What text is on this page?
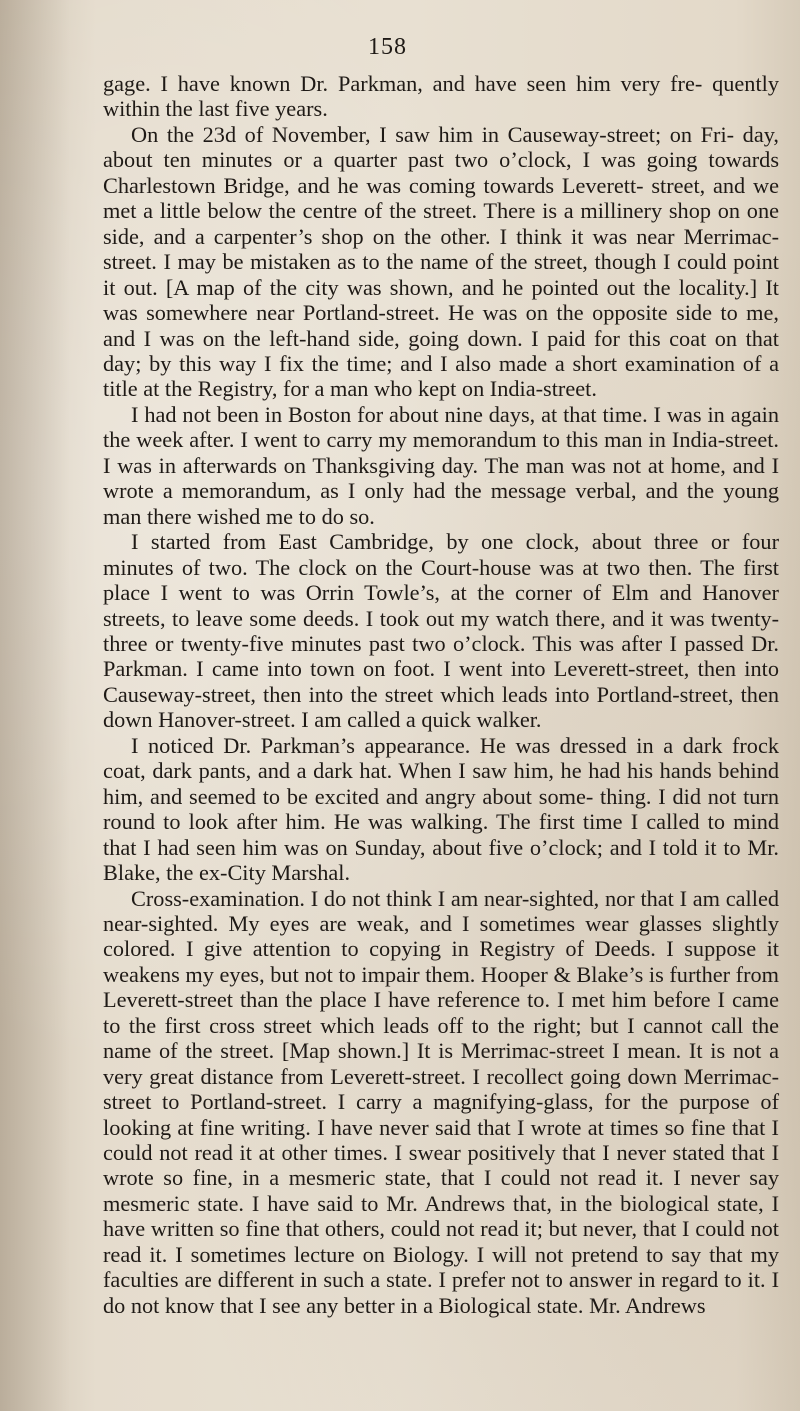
158

gage. I have known Dr. Parkman, and have seen him very fre- quently within the last five years.

On the 23d of November, I saw him in Causeway-street; on Fri- day, about ten minutes or a quarter past two o’clock, I was going towards Charlestown Bridge, and he was coming towards Leverett- street, and we met a little below the centre of the street. There is a millinery shop on one side, and a carpenter’s shop on the other. I think it was near Merrimac-street. I may be mistaken as to the name of the street, though I could point it out. [A map of the city was shown, and he pointed out the locality.] It was somewhere near Portland-street. He was on the opposite side to me, and I was on the left-hand side, going down. I paid for this coat on that day; by this way I fix the time; and I also made a short examination of a title at the Registry, for a man who kept on India-street.

I had not been in Boston for about nine days, at that time. I was in again the week after. I went to carry my memorandum to this man in India-street. I was in afterwards on Thanksgiving day. The man was not at home, and I wrote a memorandum, as I only had the message verbal, and the young man there wished me to do so.

I started from East Cambridge, by one clock, about three or four minutes of two. The clock on the Court-house was at two then. The first place I went to was Orrin Towle’s, at the corner of Elm and Hanover streets, to leave some deeds. I took out my watch there, and it was twenty-three or twenty-five minutes past two o’clock. This was after I passed Dr. Parkman. I came into town on foot. I went into Leverett-street, then into Causeway-street, then into the street which leads into Portland-street, then down Hanover-street. I am called a quick walker.

I noticed Dr. Parkman’s appearance. He was dressed in a dark frock coat, dark pants, and a dark hat. When I saw him, he had his hands behind him, and seemed to be excited and angry about some- thing. I did not turn round to look after him. He was walking. The first time I called to mind that I had seen him was on Sunday, about five o’clock; and I told it to Mr. Blake, the ex-City Marshal.

Cross-examination. I do not think I am near-sighted, nor that I am called near-sighted. My eyes are weak, and I sometimes wear glasses slightly colored. I give attention to copying in Registry of Deeds. I suppose it weakens my eyes, but not to impair them. Hooper & Blake’s is further from Leverett-street than the place I have reference to. I met him before I came to the first cross street which leads off to the right; but I cannot call the name of the street. [Map shown.] It is Merrimac-street I mean. It is not a very great distance from Leverett-street. I recollect going down Merrimac- street to Portland-street. I carry a magnifying-glass, for the purpose of looking at fine writing. I have never said that I wrote at times so fine that I could not read it at other times. I swear positively that I never stated that I wrote so fine, in a mesmeric state, that I could not read it. I never say mesmeric state. I have said to Mr. Andrews that, in the biological state, I have written so fine that others, could not read it; but never, that I could not read it. I sometimes lecture on Biology. I will not pretend to say that my faculties are different in such a state. I prefer not to answer in regard to it. I do not know that I see any better in a Biological state. Mr. Andrews
